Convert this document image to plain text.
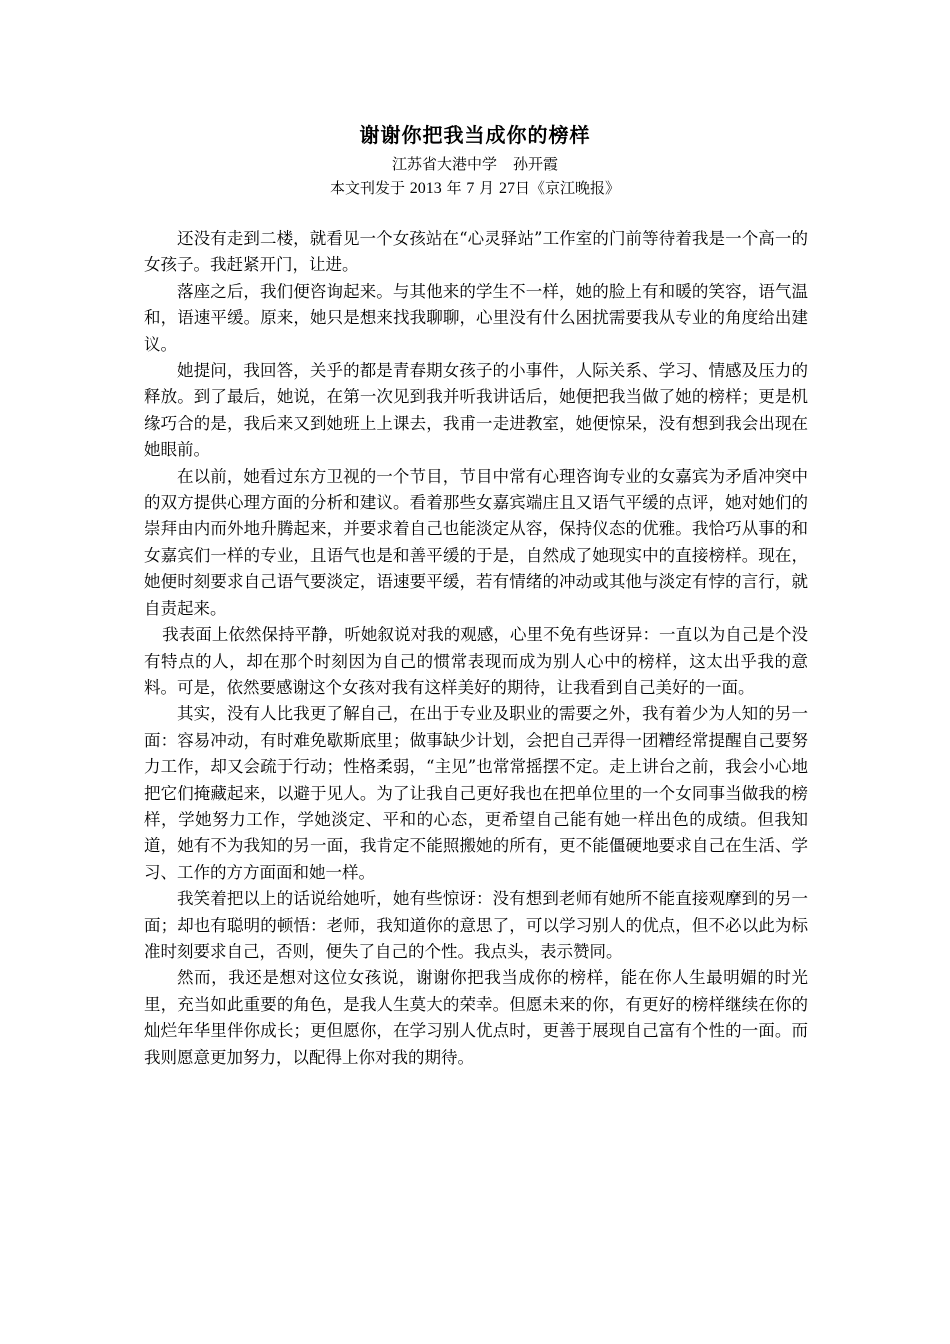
谢谢你把我当成你的榜样
江苏省大港中学 孙开霞
本文刊发于 2013 年 7 月 27日《京江晚报》

还没有走到二楼，就看见一个女孩站在“心灵驿站”工作室的门前等待着我是一个高一的女孩子。我赶紧开门，让进。

落座之后，我们便咨询起来。与其他来的学生不一样，她的脸上有和暖的笑容，语气温和，语速平缓。原来，她只是想来找我聊聊，心里没有什么困扰需要我从专业的角度给出建议。

她提问，我回答，关乎的都是青春期女孩子的小事件，人际关系、学习、情感及压力的释放。到了最后，她说，在第一次见到我并听我讲话后，她便把我当做了她的榜样；更是机缘巧合的是，我后来又到她班上上课去，我甫一走进教室，她便惊呆，没有想到我会出现在她眼前。

在以前，她看过东方卫视的一个节目，节目中常有心理咨询专业的女嘉宾为矛盾冲突中的双方提供心理方面的分析和建议。看着那些女嘉宾端庄且又语气平缓的点评，她对她们的崇拜由内而外地升腾起来，并要求着自己也能淡定从容，保持仪态的优雅。我恰巧从事的和女嘉宾们一样的专业，且语气也是和善平缓的于是，自然成了她现实中的直接榜样。现在，她便时刻要求自己语气要淡定，语速要平缓，若有情绪的冲动或其他与淡定有悖的言行，就自责起来。

我表面上依然保持平静，听她叙说对我的观感，心里不免有些讶异：一直以为自己是个没有特点的人，却在那个时刻因为自己的惯常表现而成为别人心中的榜样，这太出乎我的意料。可是，依然要感谢这个女孩对我有这样美好的期待，让我看到自己美好的一面。

其实，没有人比我更了解自己，在出于专业及职业的需要之外，我有着少为人知的另一面：容易冲动，有时难免歇斯底里；做事缺少计划，会把自己弄得一团糟经常提醒自己要努力工作，却又会疏于行动；性格柔弱，“主见”也常常摇摆不定。走上讲台之前，我会小心地把它们掩藏起来，以避于见人。为了让我自己更好我也在把单位里的一个女同事当做我的榜样，学她努力工作，学她淡定、平和的心态，更希望自己能有她一样出色的成绩。但我知道，她有不为我知的另一面，我肯定不能照搬她的所有，更不能僵硬地要求自己在生活、学习、工作的方方面面和她一样。

我笑着把以上的话说给她听，她有些惊讶：没有想到老师有她所不能直接观摩到的另一面；却也有聪明的顿悟：老师，我知道你的意思了，可以学习别人的优点，但不必以此为标准时刻要求自己，否则，便失了自己的个性。我点头，表示赞同。

然而，我还是想对这位女孩说，谢谢你把我当成你的榜样，能在你人生最明媚的时光里，充当如此重要的角色，是我人生莫大的荣幸。但愿未来的你，有更好的榜样继续在你的灿烂年华里伴你成长；更但愿你，在学习别人优点时，更善于展现自己富有个性的一面。而我则愿意更加努力，以配得上你对我的期待。
